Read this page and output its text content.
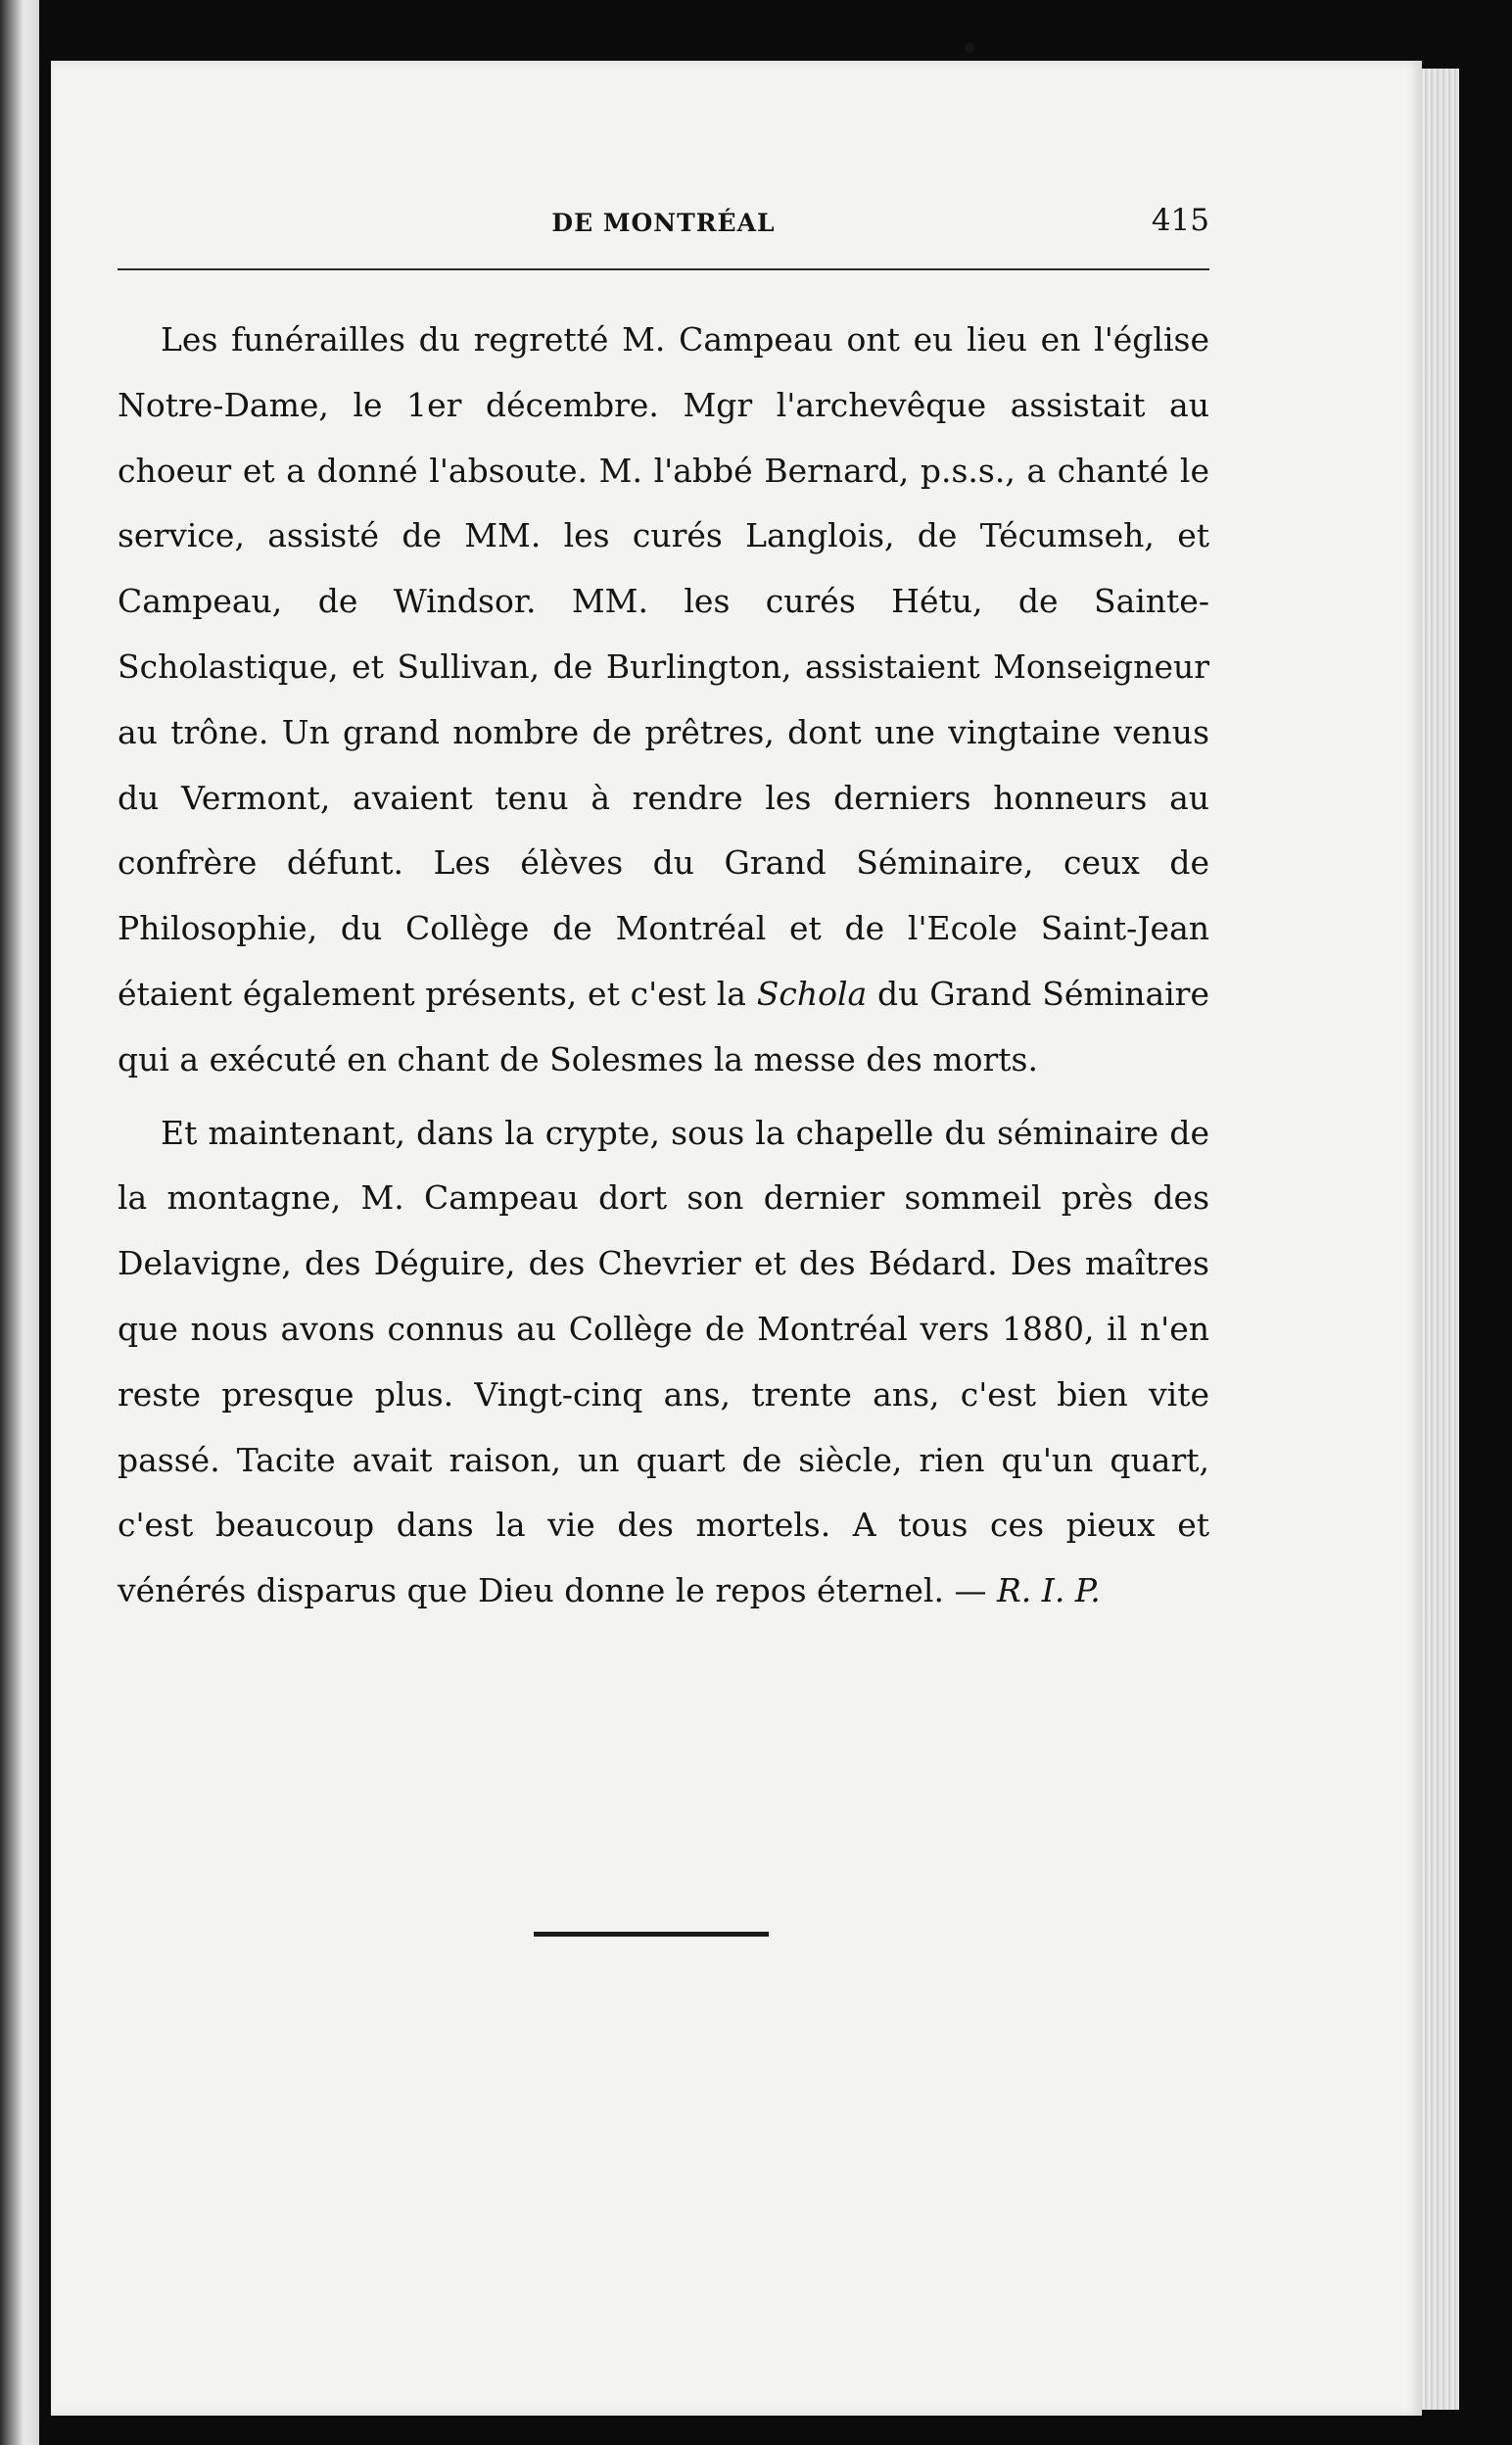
DE MONTRÉAL	415

Les funérailles du regretté M. Campeau ont eu lieu en l'église Notre-Dame, le 1er décembre. Mgr l'archevêque assistait au choeur et a donné l'absoute. M. l'abbé Bernard, p.s.s., a chanté le service, assisté de MM. les curés Langlois, de Técumseh, et Campeau, de Windsor. MM. les curés Hétu, de Sainte-Scholastique, et Sullivan, de Burlington, assistaient Monseigneur au trône. Un grand nombre de prêtres, dont une vingtaine venus du Vermont, avaient tenu à rendre les derniers honneurs au confrère défunt. Les élèves du Grand Séminaire, ceux de Philosophie, du Collège de Montréal et de l'Ecole Saint-Jean étaient également présents, et c'est la Schola du Grand Séminaire qui a exécuté en chant de Solesmes la messe des morts.

Et maintenant, dans la crypte, sous la chapelle du séminaire de la montagne, M. Campeau dort son dernier sommeil près des Delavigne, des Déguire, des Chevrier et des Bédard. Des maîtres que nous avons connus au Collège de Montréal vers 1880, il n'en reste presque plus. Vingt-cinq ans, trente ans, c'est bien vite passé. Tacite avait raison, un quart de siècle, rien qu'un quart, c'est beaucoup dans la vie des mortels. A tous ces pieux et vénérés disparus que Dieu donne le repos éternel. — R. I. P.
